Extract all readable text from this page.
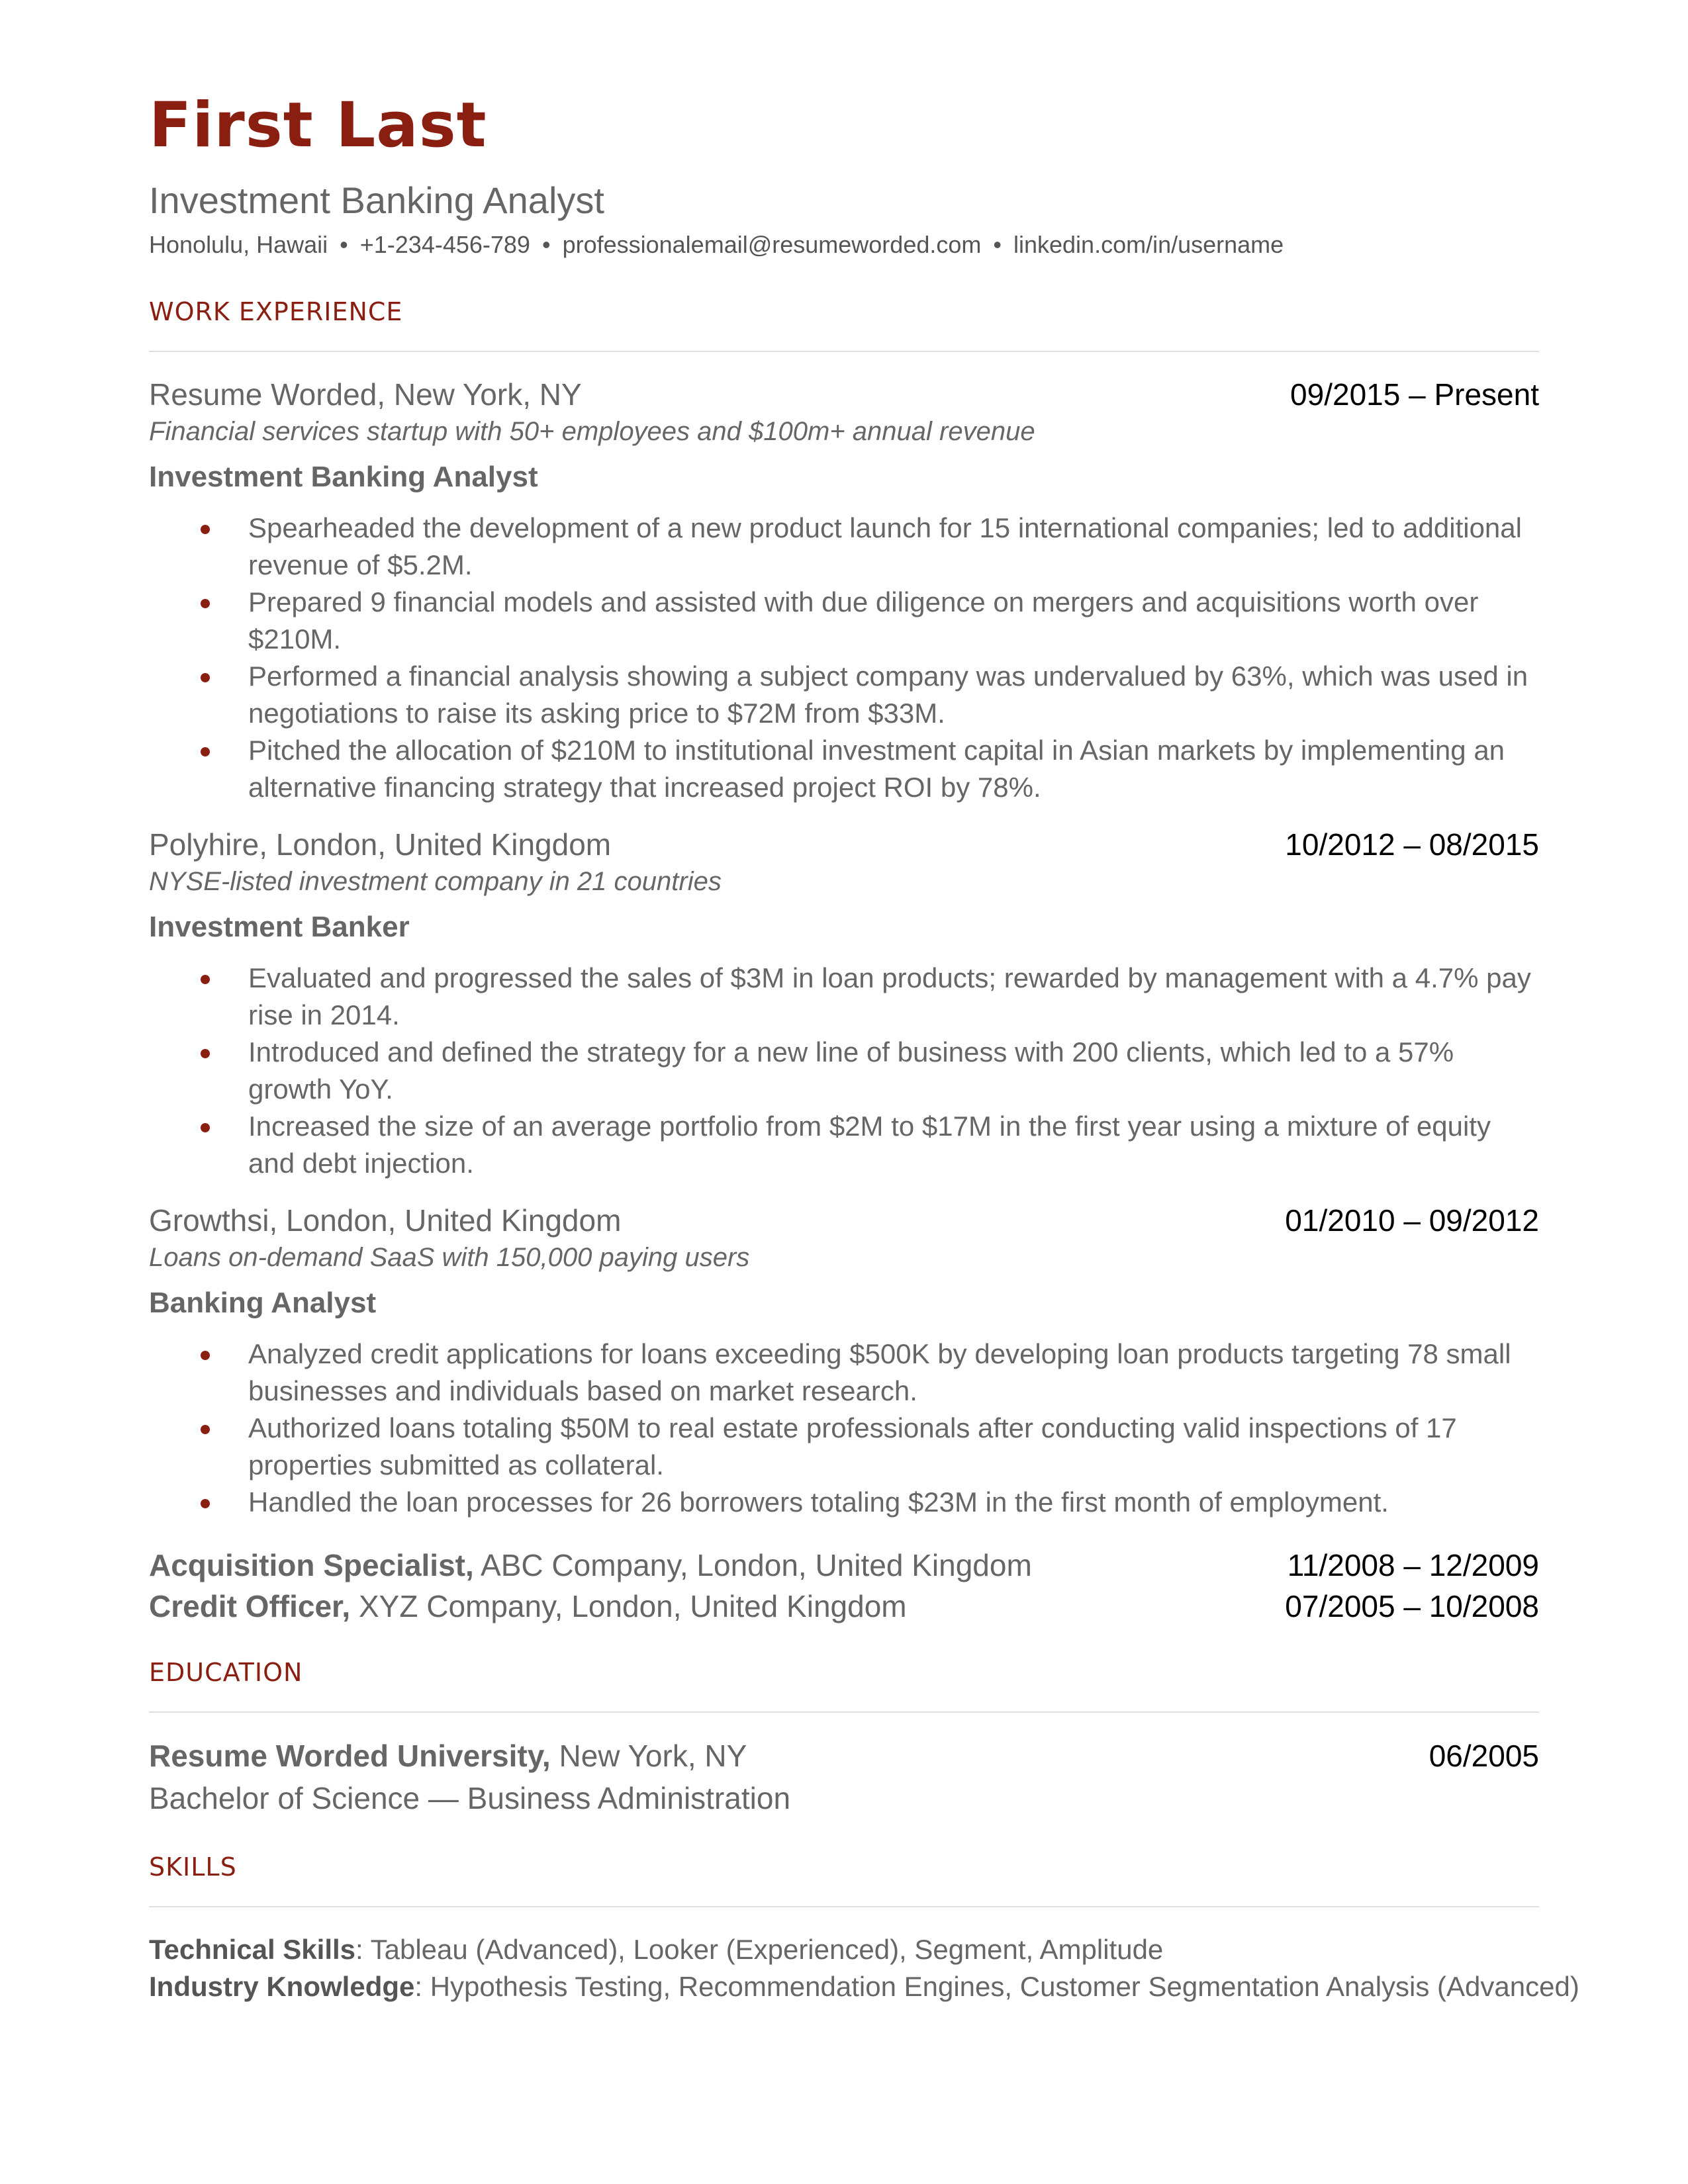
First Last
Investment Banking Analyst
Honolulu, Hawaii • +1-234-456-789 • professionalemail@resumeworded.com • linkedin.com/in/username
WORK EXPERIENCE
Resume Worded, New York, NY	09/2015 – Present
Financial services startup with 50+ employees and $100m+ annual revenue
Investment Banking Analyst
Spearheaded the development of a new product launch for 15 international companies; led to additional revenue of $5.2M.
Prepared 9 financial models and assisted with due diligence on mergers and acquisitions worth over $210M.
Performed a financial analysis showing a subject company was undervalued by 63%, which was used in negotiations to raise its asking price to $72M from $33M.
Pitched the allocation of $210M to institutional investment capital in Asian markets by implementing an alternative financing strategy that increased project ROI by 78%.
Polyhire, London, United Kingdom	10/2012 – 08/2015
NYSE-listed investment company in 21 countries
Investment Banker
Evaluated and progressed the sales of $3M in loan products; rewarded by management with a 4.7% pay rise in 2014.
Introduced and defined the strategy for a new line of business with 200 clients, which led to a 57% growth YoY.
Increased the size of an average portfolio from $2M to $17M in the first year using a mixture of equity and debt injection.
Growthsi, London, United Kingdom	01/2010 – 09/2012
Loans on-demand SaaS with 150,000 paying users
Banking Analyst
Analyzed credit applications for loans exceeding $500K by developing loan products targeting 78 small businesses and individuals based on market research.
Authorized loans totaling $50M to real estate professionals after conducting valid inspections of 17 properties submitted as collateral.
Handled the loan processes for 26 borrowers totaling $23M in the first month of employment.
Acquisition Specialist, ABC Company, London, United Kingdom	11/2008 – 12/2009
Credit Officer, XYZ Company, London, United Kingdom	07/2005 – 10/2008
EDUCATION
Resume Worded University, New York, NY	06/2005
Bachelor of Science — Business Administration
SKILLS
Technical Skills: Tableau (Advanced), Looker (Experienced), Segment, Amplitude
Industry Knowledge: Hypothesis Testing, Recommendation Engines, Customer Segmentation Analysis (Advanced)
